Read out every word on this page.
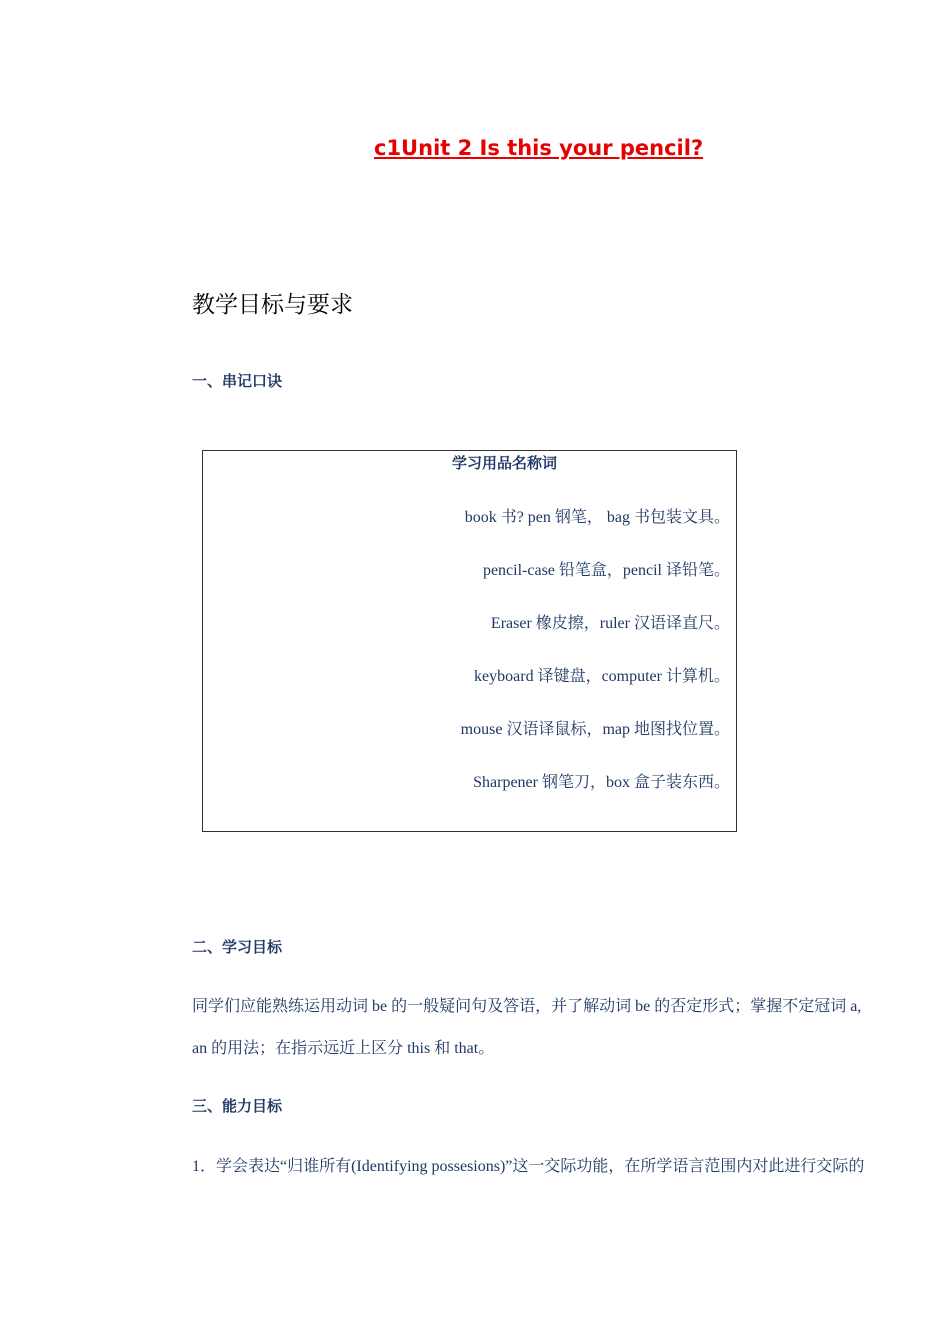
c1Unit 2 Is this your pencil?
教学目标与要求
一、串记口诀
学习用品名称词
book 书? pen 钢笔， bag 书包装文具。
pencil-case 铅笔盒，pencil 译铅笔。
Eraser 橡皮擦，ruler 汉语译直尺。
keyboard 译键盘，computer 计算机。
mouse 汉语译鼠标，map 地图找位置。
Sharpener 钢笔刀，box 盒子装东西。
二、学习目标
同学们应能熟练运用动词 be 的一般疑问句及答语，并了解动词 be 的否定形式；掌握不定冠词 a,
an 的用法；在指示远近上区分 this 和 that。
三、能力目标
1．学会表达“归谁所有(Identifying possesions)”这一交际功能，在所学语言范围内对此进行交际的
